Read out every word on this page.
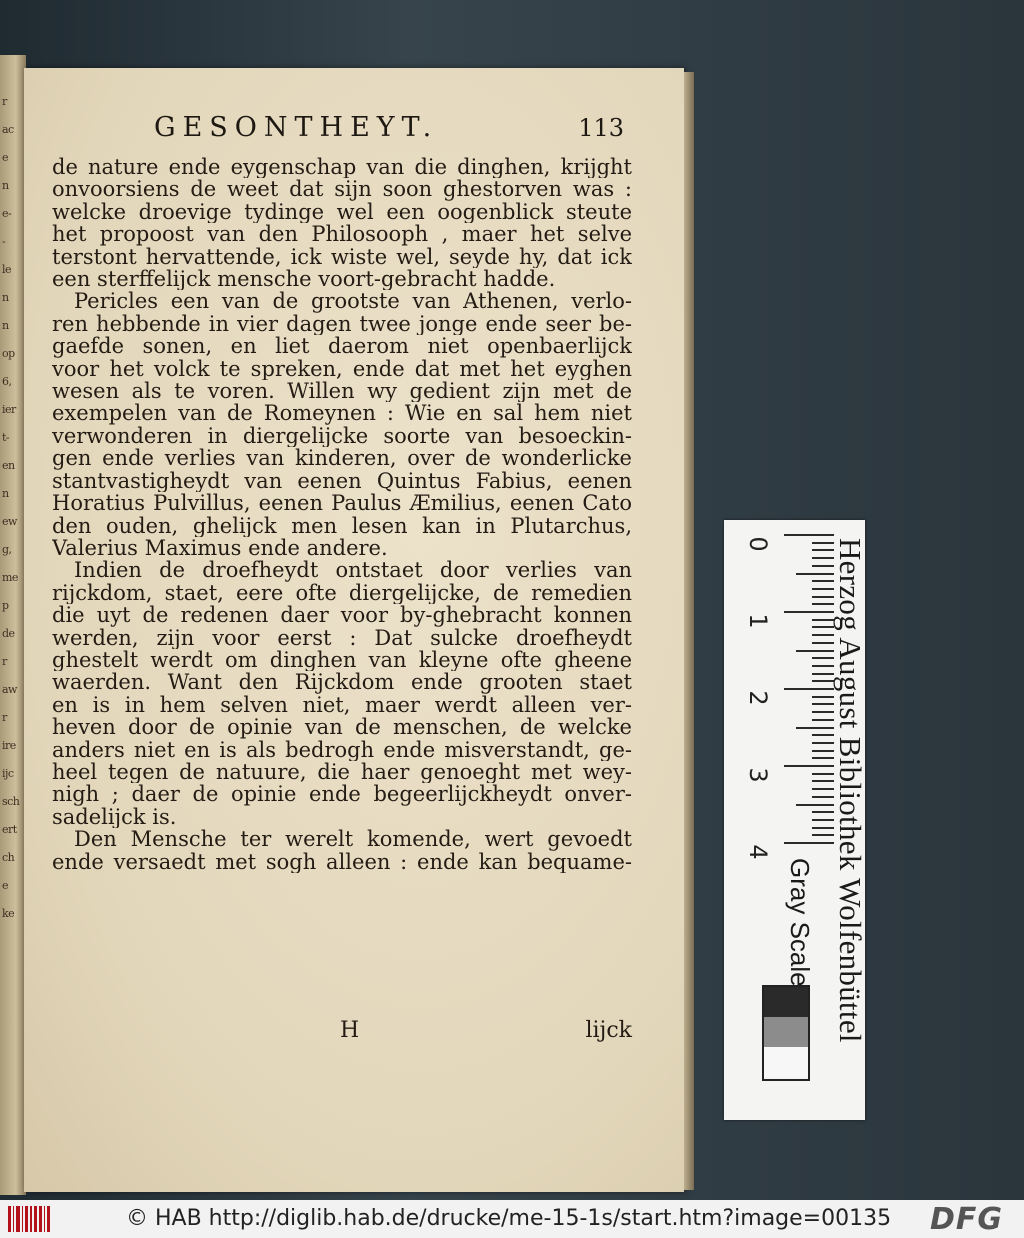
r
ac
e
n
e-
-
le
n
n
op
6,
ier
t-
en
n
ew
g,
me
p
de
r
aw
r
ire
ijc
sch
ert
ch
e
ke
GESONTHEYT.	113
de nature ende eygenschap van die dinghen, krijght
onvoorsiens de weet dat sijn soon ghestorven was :
welcke droevige tydinge wel een oogenblick steute
het propoost van den Philosooph , maer het selve
terstont hervattende, ick wiste wel, seyde hy, dat ick
een sterffelijck mensche voort-gebracht hadde.
Pericles een van de grootste van Athenen, verlo-
ren hebbende in vier dagen twee jonge ende seer be-
gaefde sonen, en liet daerom niet openbaerlijck
voor het volck te spreken, ende dat met het eyghen
wesen als te voren. Willen wy gedient zijn met de
exempelen van de Romeynen : Wie en sal hem niet
verwonderen in diergelijcke soorte van besoeckin-
gen ende verlies van kinderen, over de wonderlicke
stantvastigheydt van eenen Quintus Fabius, eenen
Horatius Pulvillus, eenen Paulus Æmilius, eenen Cato
den ouden, ghelijck men lesen kan in Plutarchus,
Valerius Maximus ende andere.
Indien de droefheydt ontstaet door verlies van
rijckdom, staet, eere ofte diergelijcke, de remedien
die uyt de redenen daer voor by-ghebracht konnen
werden, zijn voor eerst : Dat sulcke droefheydt
ghestelt werdt om dinghen van kleyne ofte gheene
waerden. Want den Rijckdom ende grooten staet
en is in hem selven niet, maer werdt alleen ver-
heven door de opinie van de menschen, de welcke
anders niet en is als bedrogh ende misverstandt, ge-
heel tegen de natuure, die haer genoeght met wey-
nigh ; daer de opinie ende begeerlijckheydt onver-
sadelijck is.
Den Mensche ter werelt komende, wert gevoedt
ende versaedt met sogh alleen : ende kan bequame-
H	lijck
0
1
2
3
4 Herzog August Bibliothek Wolfenbüttel
Gray Scale
© HAB http://diglib.hab.de/drucke/me-15-1s/start.htm?image=00135 DFG
